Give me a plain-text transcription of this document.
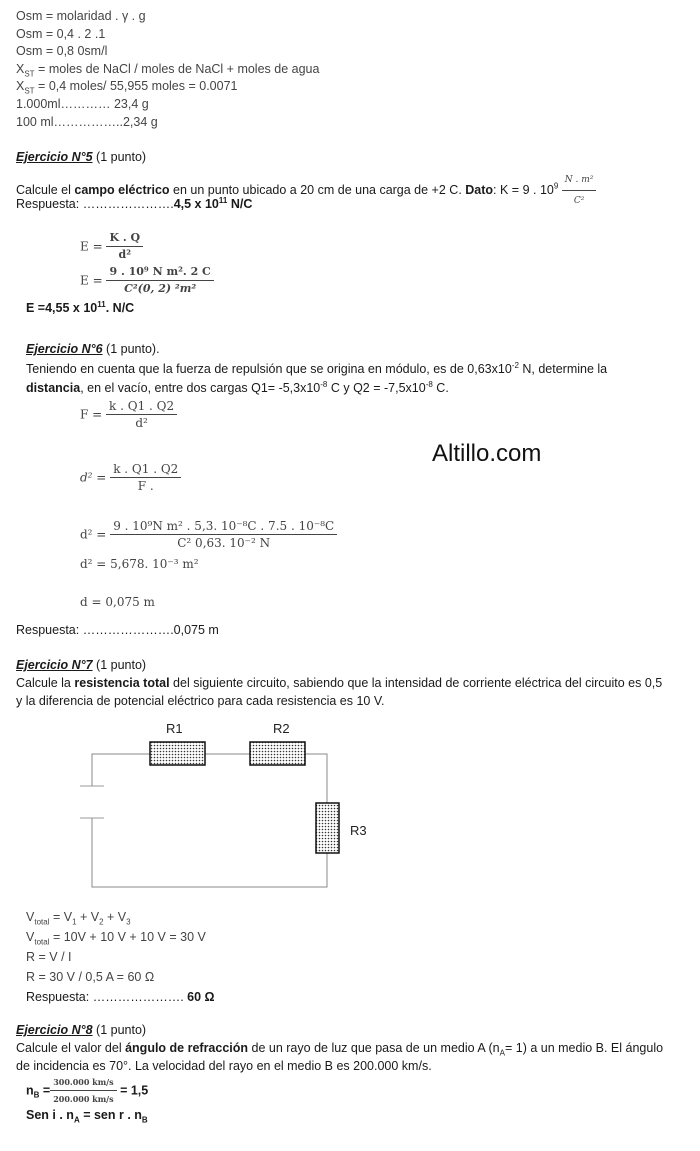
Osm = molaridad . γ . g
Osm = 0,4 . 2 .1
Osm = 0,8 0sm/l
$X_{ST}$ = moles de NaCl / moles de NaCl + moles de agua
$X_{ST} = 0,4$ moles/ 55,955 moles = 0.0071
1.000ml………… 23,4 g
100 ml……………..2,34 g
Ejercicio N°5 (1 punto)
Calcule el campo eléctrico en un punto ubicado a 20 cm de una carga de +2 C. Dato: K = 9 . $10^9 \frac{\text{N . m²}}{\text{C²}}$
Respuesta: ………………….4,5 x $10^{11}$ N/C
$E = \frac{K . Q}{\text{d²}}$
$E = \frac{\text{9 . 10⁹ N m². 2 C}}{\text{C²(0, 2) ²m²}}$
E =4,55 x $10^{11}$. N/C
Ejercicio N°6 (1 punto).
Teniendo en cuenta que la fuerza de repulsión que se origina en módulo, es de $0,63x10^{-2}$ N, determine la
distancia, en el vacío, entre dos cargas $Q1= -5,3x10^{-8}$ C y $Q2 = -7,5x10^{-8}$ C.
$F = \frac{k . Q1 . Q2}{\text{d²}}$
$d^2 = \frac{k . Q1 . Q2}{F .}$
$d^2 = \frac{\text{9 . 10⁹N m² . 5,3. 10⁻⁸C . 7.5 . 10⁻⁸C}}{\text{C² 0,63. 10⁻² N}}$
d² = 5,678. 10⁻³ m²
d = 0,075 m
Respuesta: ………………….0,075 m
Altillo.com
Ejercicio N°7 (1 punto)
Calcule la resistencia total del siguiente circuito, sabiendo que la intensidad de corriente eléctrica del circuito es 0,5
y la diferencia de potencial eléctrico para cada resistencia es 10 V.
R1	R2
R3
$V_{total} = V_1 + V_2 + V_3$
$V_{total} = 10V + 10$ V + 10 V = 30 V
R = V / I
R = 30 V / 0,5 A = 60 Ω
Respuesta: …………………. 60 Ω
Ejercicio N°8 (1 punto)
Calcule el valor del ángulo de refracción de un rayo de luz que pasa de un medio A $(n_A= 1)$ a un medio B. El ángulo
de incidencia es 70°. La velocidad del rayo en el medio B es 200.000 km/s.
$n_B = \frac{300.000 km/s}{200.000 km/s} = 1,5$
Sen i . $n_A$ = sen r . $n_B$
